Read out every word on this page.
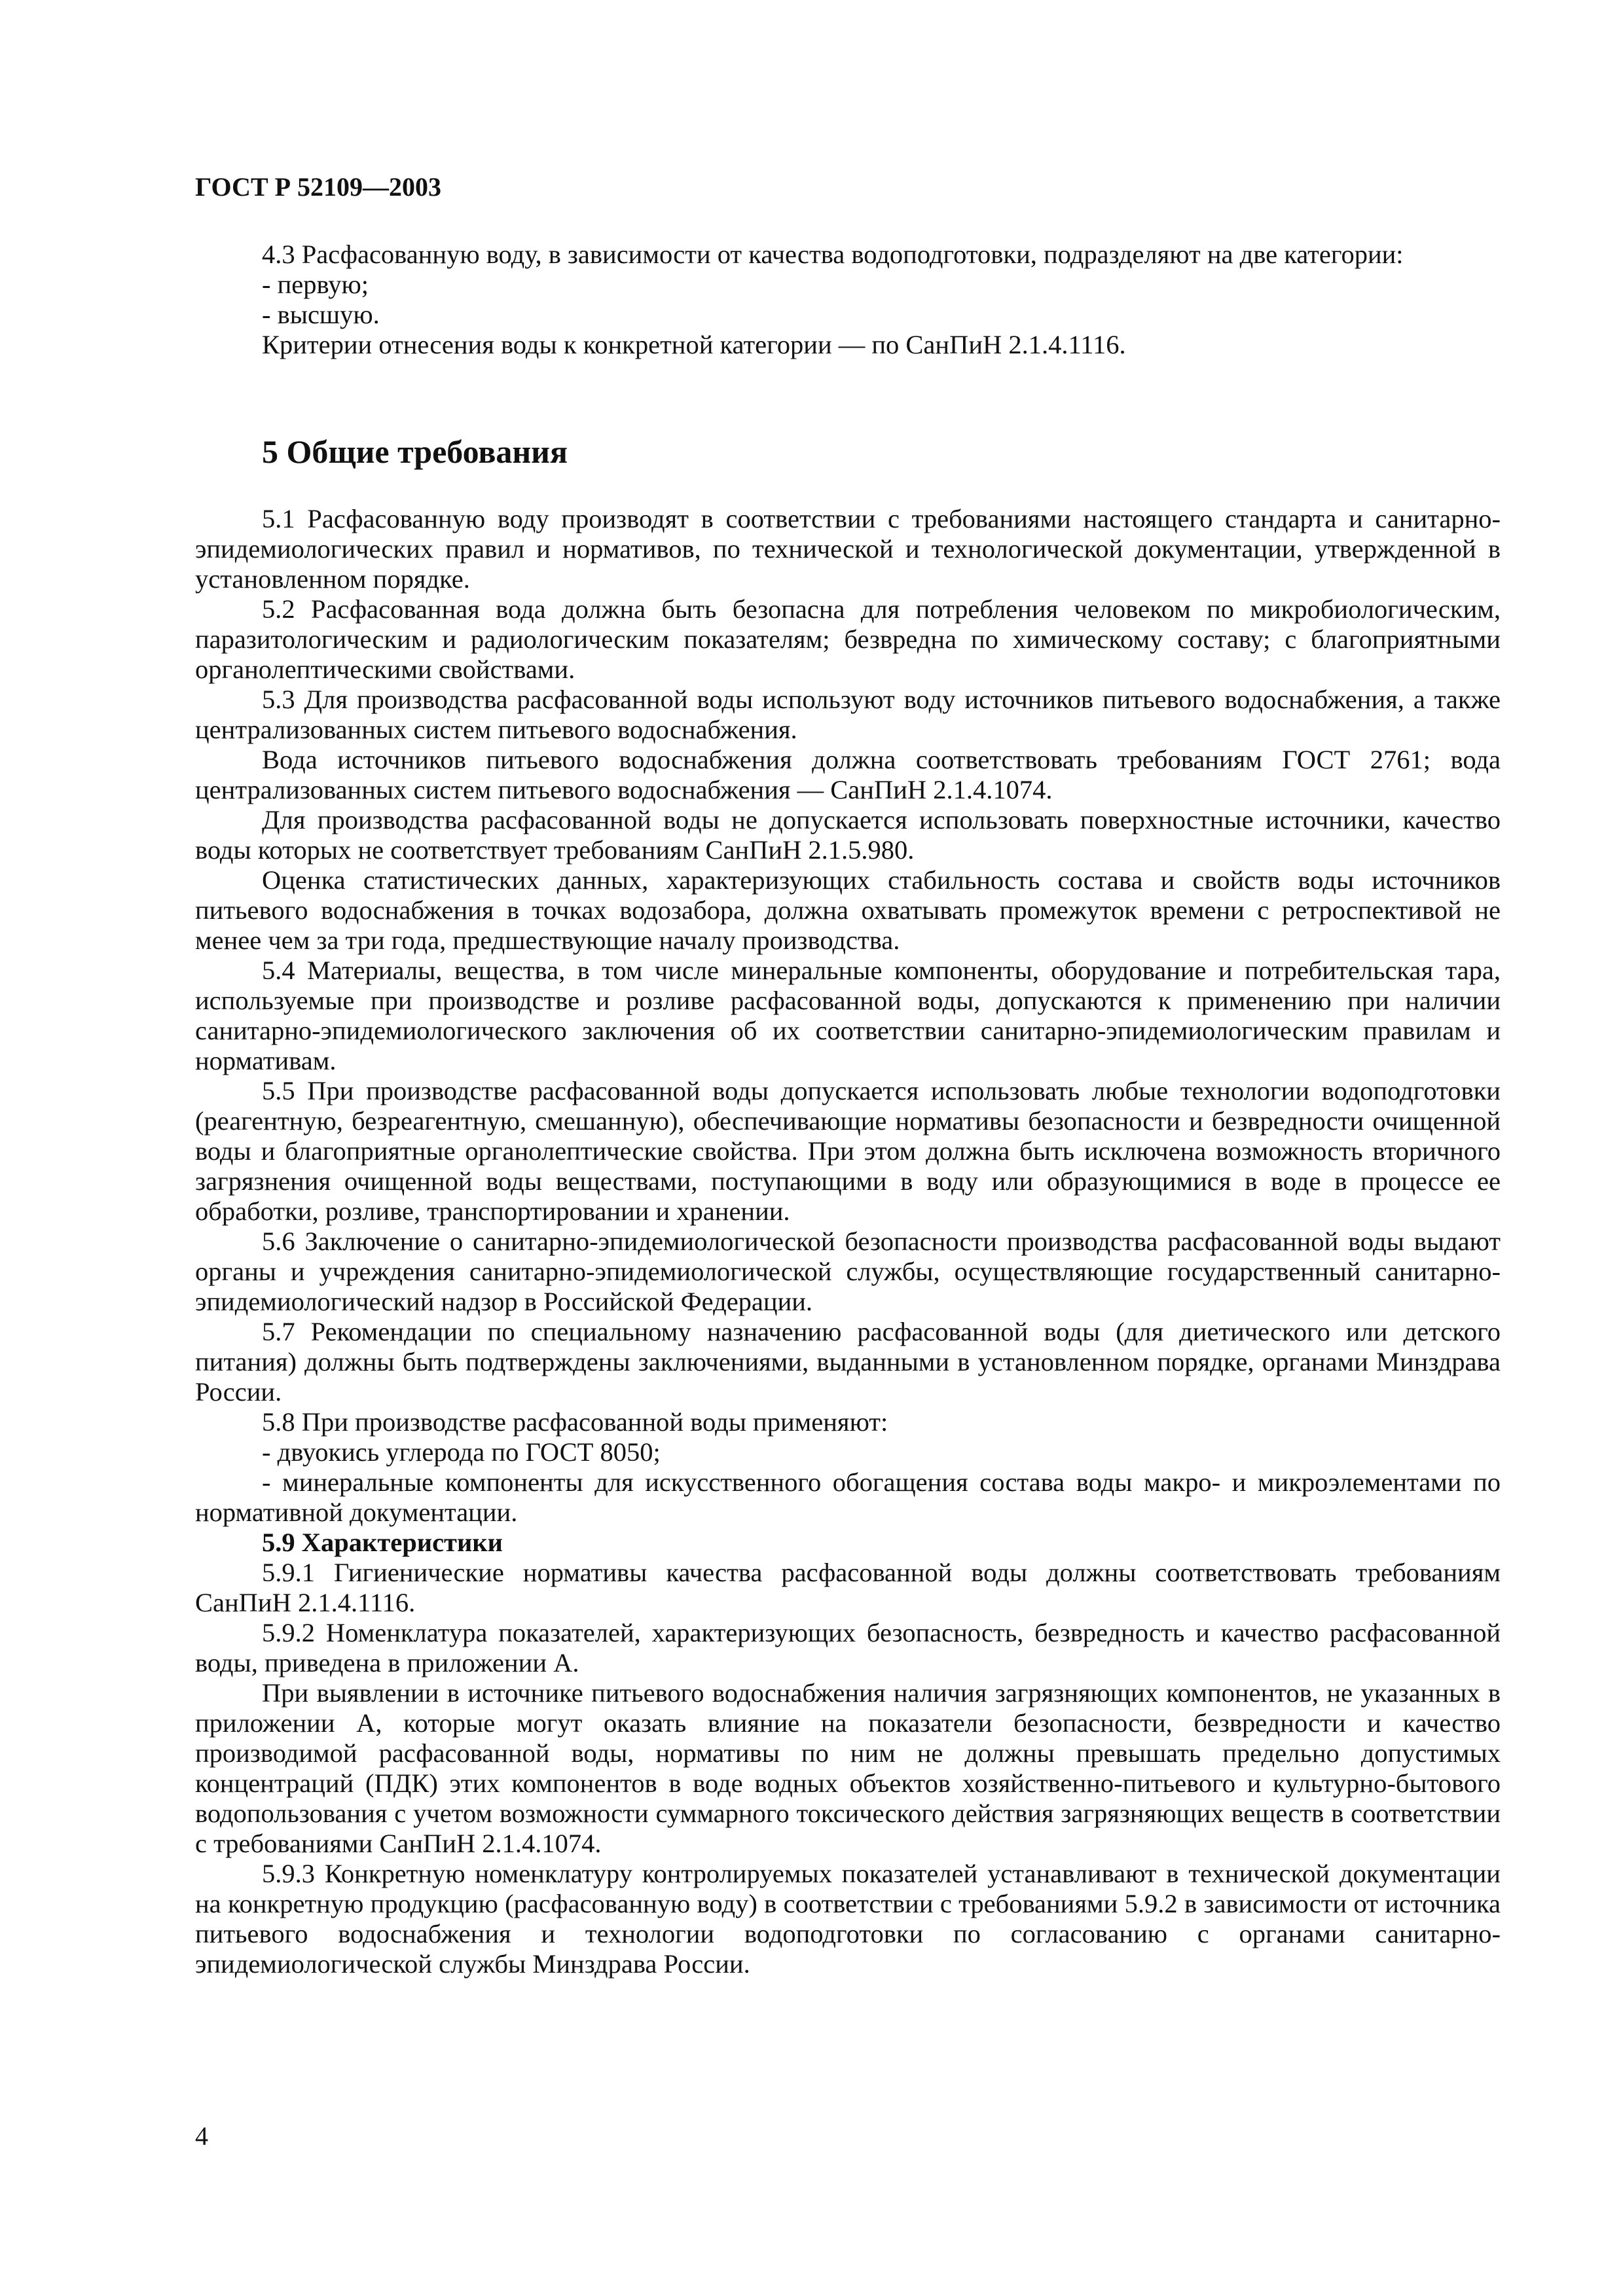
ГОСТ Р 52109—2003

4.3 Расфасованную воду, в зависимости от качества водоподготовки, подразделяют на две категории:

- первую;

- высшую.

Критерии отнесения воды к конкретной категории — по СанПиН 2.1.4.1116.

5 Общие требования

5.1 Расфасованную воду производят в соответствии с требованиями настоящего стандарта и санитарно-эпидемиологических правил и нормативов, по технической и технологической документации, утвержденной в установленном порядке.

5.2 Расфасованная вода должна быть безопасна для потребления человеком по микробиологическим, паразитологическим и радиологическим показателям; безвредна по химическому составу; с благоприятными органолептическими свойствами.

5.3 Для производства расфасованной воды используют воду источников питьевого водоснабжения, а также централизованных систем питьевого водоснабжения.

Вода источников питьевого водоснабжения должна соответствовать требованиям ГОСТ 2761; вода централизованных систем питьевого водоснабжения — СанПиН 2.1.4.1074.

Для производства расфасованной воды не допускается использовать поверхностные источники, качество воды которых не соответствует требованиям СанПиН 2.1.5.980.

Оценка статистических данных, характеризующих стабильность состава и свойств воды источников питьевого водоснабжения в точках водозабора, должна охватывать промежуток времени с ретроспективой не менее чем за три года, предшествующие началу производства.

5.4 Материалы, вещества, в том числе минеральные компоненты, оборудование и потребительская тара, используемые при производстве и розливе расфасованной воды, допускаются к применению при наличии санитарно-эпидемиологического заключения об их соответствии санитарно-эпидемиологическим правилам и нормативам.

5.5 При производстве расфасованной воды допускается использовать любые технологии водоподготовки (реагентную, безреагентную, смешанную), обеспечивающие нормативы безопасности и безвредности очищенной воды и благоприятные органолептические свойства. При этом должна быть исключена возможность вторичного загрязнения очищенной воды веществами, поступающими в воду или образующимися в воде в процессе ее обработки, розливе, транспортировании и хранении.

5.6 Заключение о санитарно-эпидемиологической безопасности производства расфасованной воды выдают органы и учреждения санитарно-эпидемиологической службы, осуществляющие государственный санитарно-эпидемиологический надзор в Российской Федерации.

5.7 Рекомендации по специальному назначению расфасованной воды (для диетического или детского питания) должны быть подтверждены заключениями, выданными в установленном порядке, органами Минздрава России.

5.8 При производстве расфасованной воды применяют:

- двуокись углерода по ГОСТ 8050;

- минеральные компоненты для искусственного обогащения состава воды макро- и микроэлементами по нормативной документации.

5.9 Характеристики

5.9.1 Гигиенические нормативы качества расфасованной воды должны соответствовать требованиям СанПиН 2.1.4.1116.

5.9.2 Номенклатура показателей, характеризующих безопасность, безвредность и качество расфасованной воды, приведена в приложении А.

При выявлении в источнике питьевого водоснабжения наличия загрязняющих компонентов, не указанных в приложении А, которые могут оказать влияние на показатели безопасности, безвредности и качество производимой расфасованной воды, нормативы по ним не должны превышать предельно допустимых концентраций (ПДК) этих компонентов в воде водных объектов хозяйственно-питьевого и культурно-бытового водопользования с учетом возможности суммарного токсического действия загрязняющих веществ в соответствии с требованиями СанПиН 2.1.4.1074.

5.9.3 Конкретную номенклатуру контролируемых показателей устанавливают в технической документации на конкретную продукцию (расфасованную воду) в соответствии с требованиями 5.9.2 в зависимости от источника питьевого водоснабжения и технологии водоподготовки по согласованию с органами санитарно-эпидемиологической службы Минздрава России.

4
